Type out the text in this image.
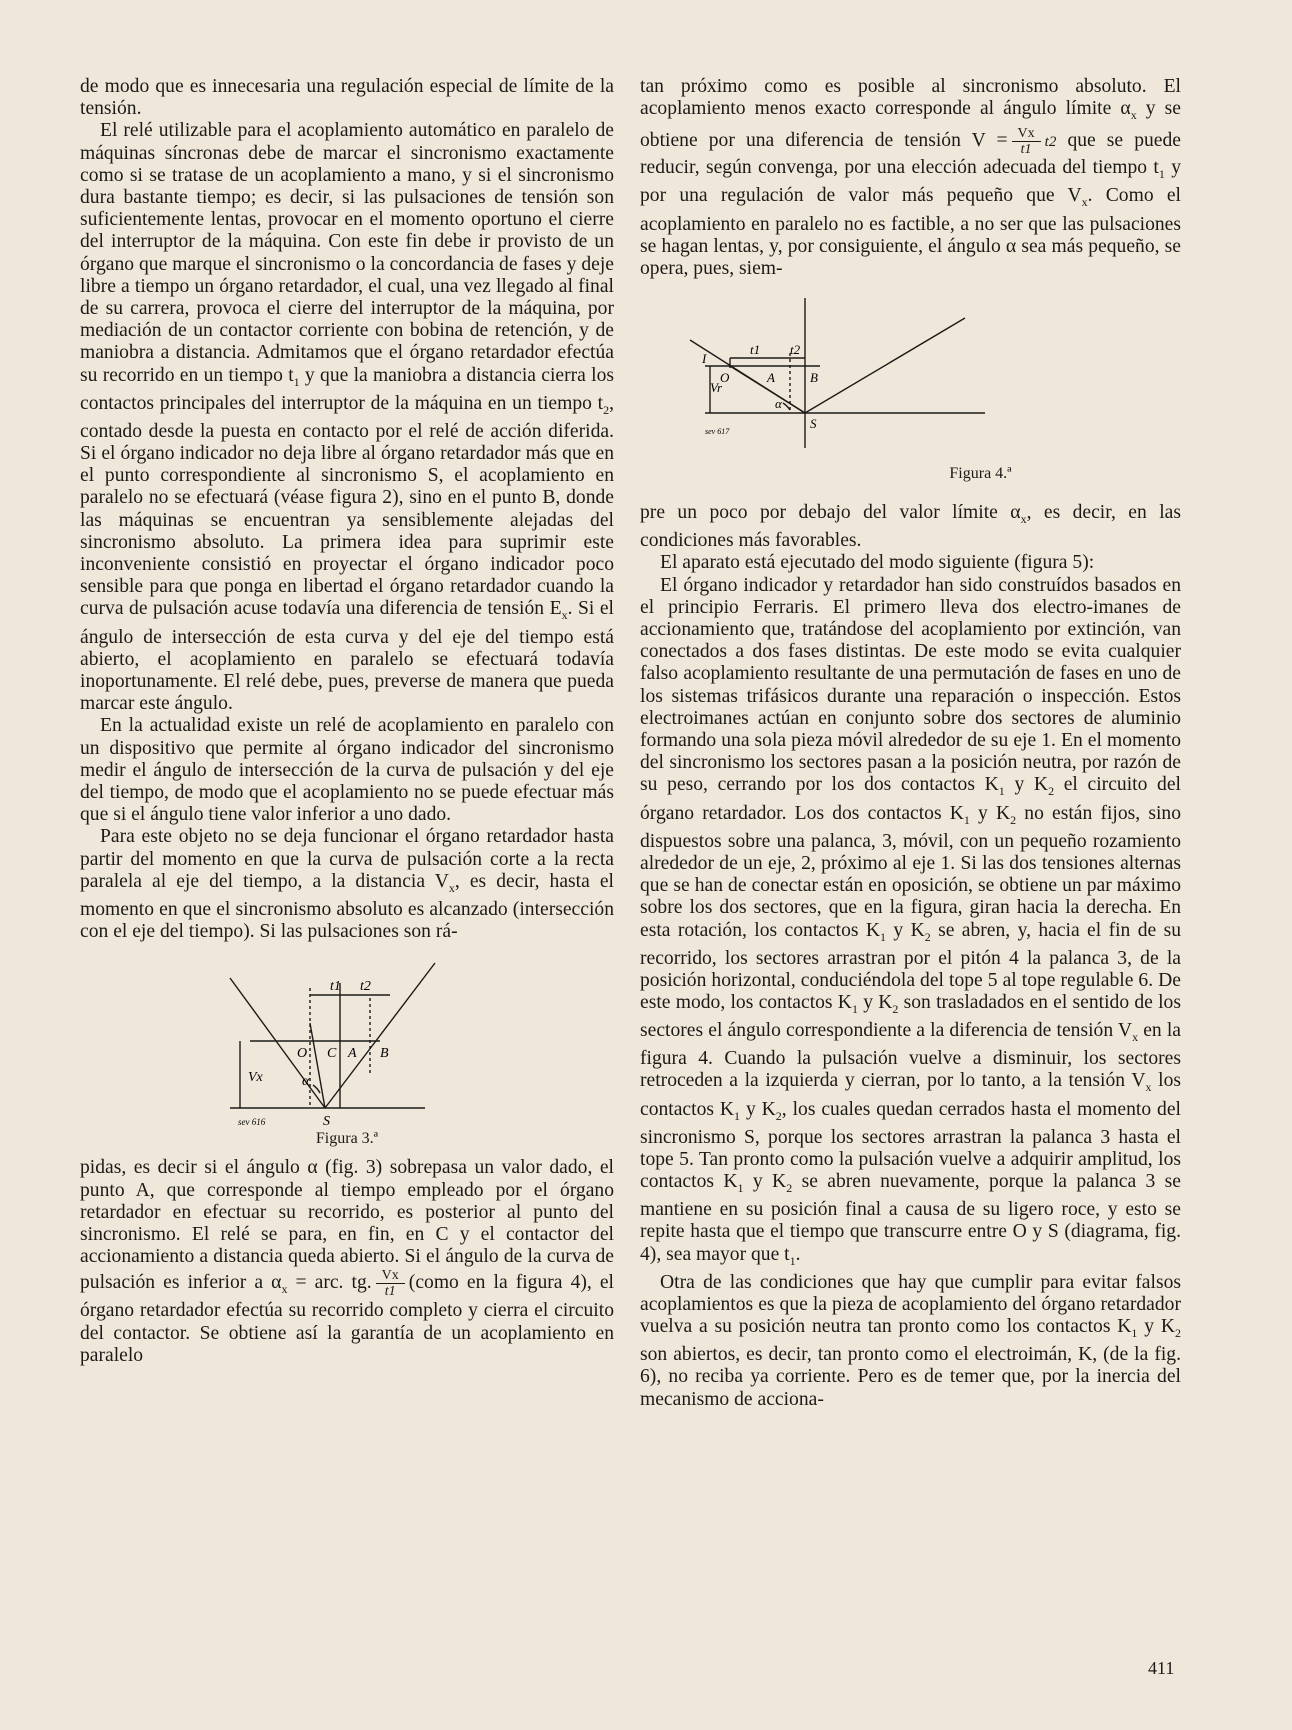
de modo que es innecesaria una regulación especial de límite de la tensión.

El relé utilizable para el acoplamiento automático en paralelo de máquinas síncronas debe de marcar el sincronismo exactamente como si se tratase de un acoplamiento a mano, y si el sincronismo dura bastante tiempo; es decir, si las pulsaciones de tensión son suficientemente lentas, provocar en el momento oportuno el cierre del interruptor de la máquina. Con este fin debe ir provisto de un órgano que marque el sincronismo o la concordancia de fases y deje libre a tiempo un órgano retardador, el cual, una vez llegado al final de su carrera, provoca el cierre del interruptor de la máquina, por mediación de un contactor corriente con bobina de retención, y de maniobra a distancia. Admitamos que el órgano retardador efectúa su recorrido en un tiempo $t_1$ y que la maniobra a distancia cierra los contactos principales del interruptor de la máquina en un tiempo $t_2$, contado desde la puesta en contacto por el relé de acción diferida. Si el órgano indicador no deja libre al órgano retardador más que en el punto correspondiente al sincronismo S, el acoplamiento en paralelo no se efectuará (véase figura 2), sino en el punto B, donde las máquinas se encuentran ya sensiblemente alejadas del sincronismo absoluto. La primera idea para suprimir este inconveniente consistió en proyectar el órgano indicador poco sensible para que ponga en libertad el órgano retardador cuando la curva de pulsación acuse todavía una diferencia de tensión $E_x$. Si el ángulo de intersección de esta curva y del eje del tiempo está abierto, el acoplamiento en paralelo se efectuará todavía inoportunamente. El relé debe, pues, preverse de manera que pueda marcar este ángulo.

En la actualidad existe un relé de acoplamiento en paralelo con un dispositivo que permite al órgano indicador del sincronismo medir el ángulo de intersección de la curva de pulsación y del eje del tiempo, de modo que el acoplamiento no se puede efectuar más que si el ángulo tiene valor inferior a uno dado.

Para este objeto no se deja funcionar el órgano retardador hasta partir del momento en que la curva de pulsación corte a la recta paralela al eje del tiempo, a la distancia $V_x$, es decir, hasta el momento en que el sincronismo absoluto es alcanzado (intersección con el eje del tiempo). Si las pulsaciones son rá-

t1 t2
O C A B
Vx	α
S
sev 616
Figura 3.ª

pidas, es decir si el ángulo α (fig. 3) sobrepasa un valor dado, el punto A, que corresponde al tiempo empleado por el órgano retardador en efectuar su recorrido, es posterior al punto del sincronismo. El relé se para, en fin, en C y el contactor del accionamiento a distancia queda abierto. Si el ángulo de la curva de pulsación es inferior a $\alpha_x$ = arc. tg. $\frac{Vx}{t1}$ (como en la figura 4), el órgano retardador efectúa su recorrido completo y cierra el circuito del contactor. Se obtiene así la garantía de un acoplamiento en paralelo

tan próximo como es posible al sincronismo absoluto. El acoplamiento menos exacto corresponde al ángulo límite $\alpha_x$ y se obtiene por una diferencia de tensión $V = \frac{Vx}{t1} t2$ que se puede reducir, según convenga, por una elección adecuada del tiempo $t_1$ y por una regulación de valor más pequeño que $V_x$. Como el acoplamiento en paralelo no es factible, a no ser que las pulsaciones se hagan lentas, y, por consiguiente, el ángulo α sea más pequeño, se opera, pues, siem-

t1 t2
I
O	A	B
Vr
α
S
sev 617
Figura 4.ª

pre un poco por debajo del valor límite $\alpha_x$, es decir, en las condiciones más favorables.

El aparato está ejecutado del modo siguiente (figura 5):

El órgano indicador y retardador han sido construídos basados en el principio Ferraris. El primero lleva dos electro-imanes de accionamiento que, tratándose del acoplamiento por extinción, van conectados a dos fases distintas. De este modo se evita cualquier falso acoplamiento resultante de una permutación de fases en uno de los sistemas trifásicos durante una reparación o inspección. Estos electroimanes actúan en conjunto sobre dos sectores de aluminio formando una sola pieza móvil alrededor de su eje 1. En el momento del sincronismo los sectores pasan a la posición neutra, por razón de su peso, cerrando por los dos contactos $K_1$ y $K_2$ el circuito del órgano retardador. Los dos contactos $K_1$ y $K_2$ no están fijos, sino dispuestos sobre una palanca, 3, móvil, con un pequeño rozamiento alrededor de un eje, 2, próximo al eje 1. Si las dos tensiones alternas que se han de conectar están en oposición, se obtiene un par máximo sobre los dos sectores, que en la figura, giran hacia la derecha. En esta rotación, los contactos $K_1$ y $K_2$ se abren, y, hacia el fin de su recorrido, los sectores arrastran por el pitón 4 la palanca 3, de la posición horizontal, conduciéndola del tope 5 al tope regulable 6. De este modo, los contactos $K_1$ y $K_2$ son trasladados en el sentido de los sectores el ángulo correspondiente a la diferencia de tensión $V_x$ en la figura 4. Cuando la pulsación vuelve a disminuir, los sectores retroceden a la izquierda y cierran, por lo tanto, a la tensión $V_x$ los contactos $K_1$ y $K_2$, los cuales quedan cerrados hasta el momento del sincronismo S, porque los sectores arrastran la palanca 3 hasta el tope 5. Tan pronto como la pulsación vuelve a adquirir amplitud, los contactos $K_1$ y $K_2$ se abren nuevamente, porque la palanca 3 se mantiene en su posición final a causa de su ligero roce, y esto se repite hasta que el tiempo que transcurre entre O y S (diagrama, fig. 4), sea mayor que $t_1$.

Otra de las condiciones que hay que cumplir para evitar falsos acoplamientos es que la pieza de acoplamiento del órgano retardador vuelva a su posición neutra tan pronto como los contactos $K_1$ y $K_2$ son abiertos, es decir, tan pronto como el electroimán, K, (de la fig. 6), no reciba ya corriente. Pero es de temer que, por la inercia del mecanismo de acciona-

411
